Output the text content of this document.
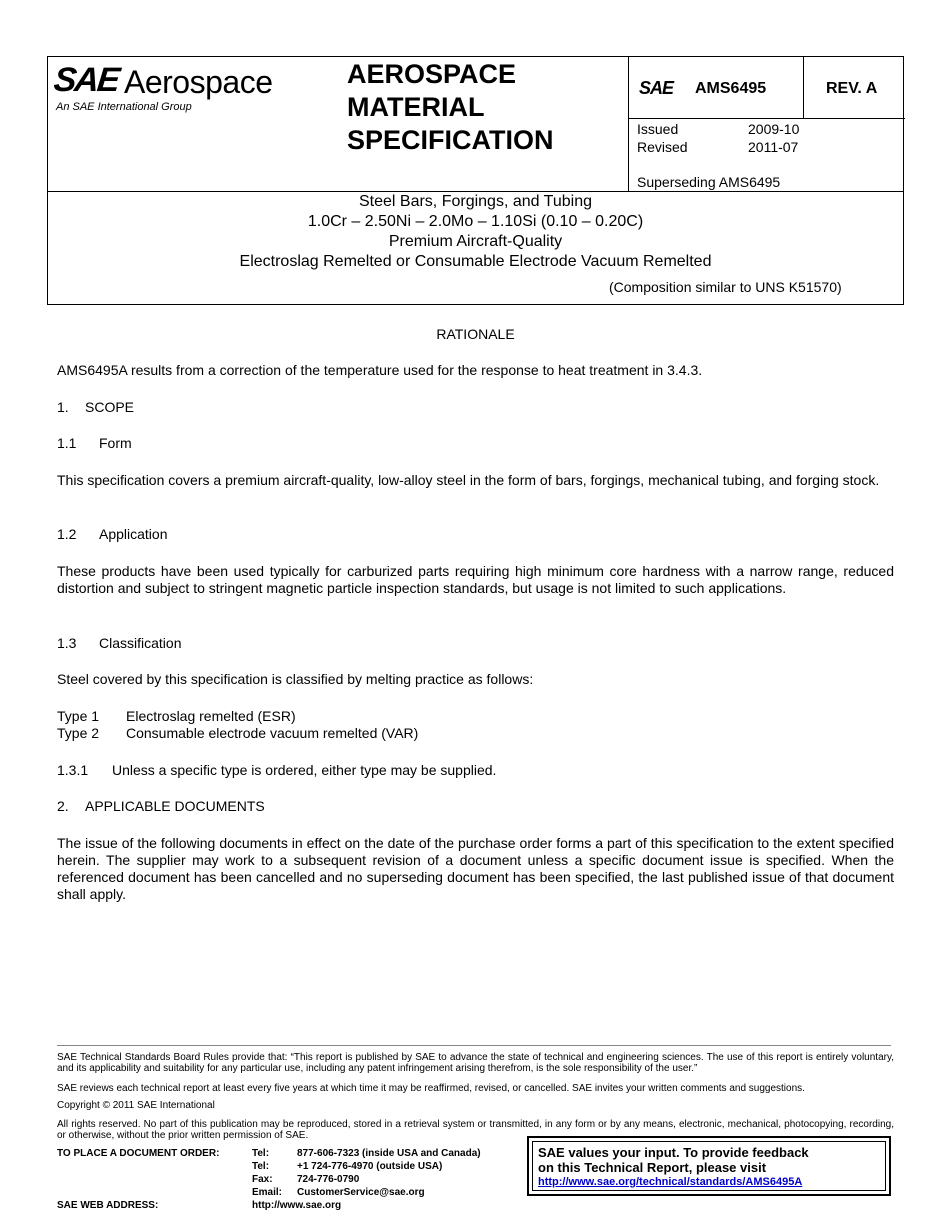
SAE Aerospace
An SAE International Group
AEROSPACE
MATERIAL
SPECIFICATION
SAE AMS6495	REV. A
Issued	2009-10
Revised	2011-07
Superseding AMS6495
Steel Bars, Forgings, and Tubing
1.0Cr – 2.50Ni – 2.0Mo – 1.10Si (0.10 – 0.20C)
Premium Aircraft-Quality
Electroslag Remelted or Consumable Electrode Vacuum Remelted
(Composition similar to UNS K51570)
RATIONALE
AMS6495A results from a correction of the temperature used for the response to heat treatment in 3.4.3.
1. SCOPE
1.1 Form
This specification covers a premium aircraft-quality, low-alloy steel in the form of bars, forgings, mechanical tubing, and forging stock.
1.2 Application
These products have been used typically for carburized parts requiring high minimum core hardness with a narrow range, reduced distortion and subject to stringent magnetic particle inspection standards, but usage is not limited to such applications.
1.3 Classification
Steel covered by this specification is classified by melting practice as follows:
Type 1 Electroslag remelted (ESR)
Type 2 Consumable electrode vacuum remelted (VAR)
1.3.1 Unless a specific type is ordered, either type may be supplied.
2. APPLICABLE DOCUMENTS
The issue of the following documents in effect on the date of the purchase order forms a part of this specification to the extent specified herein. The supplier may work to a subsequent revision of a document unless a specific document issue is specified. When the referenced document has been cancelled and no superseding document has been specified, the last published issue of that document shall apply.
SAE Technical Standards Board Rules provide that: “This report is published by SAE to advance the state of technical and engineering sciences. The use of this report is entirely voluntary, and its applicability and suitability for any particular use, including any patent infringement arising therefrom, is the sole responsibility of the user.”
SAE reviews each technical report at least every five years at which time it may be reaffirmed, revised, or cancelled. SAE invites your written comments and suggestions.
Copyright © 2011 SAE International
All rights reserved. No part of this publication may be reproduced, stored in a retrieval system or transmitted, in any form or by any means, electronic, mechanical, photocopying, recording, or otherwise, without the prior written permission of SAE.
TO PLACE A DOCUMENT ORDER:	Tel:	877-606-7323 (inside USA and Canada)
Tel:	+1 724-776-4970 (outside USA)
Fax: 724-776-0790
Email: CustomerService@sae.org
SAE WEB ADDRESS:	http://www.sae.org
SAE values your input. To provide feedback
on this Technical Report, please visit
http://www.sae.org/technical/standards/AMS6495A
